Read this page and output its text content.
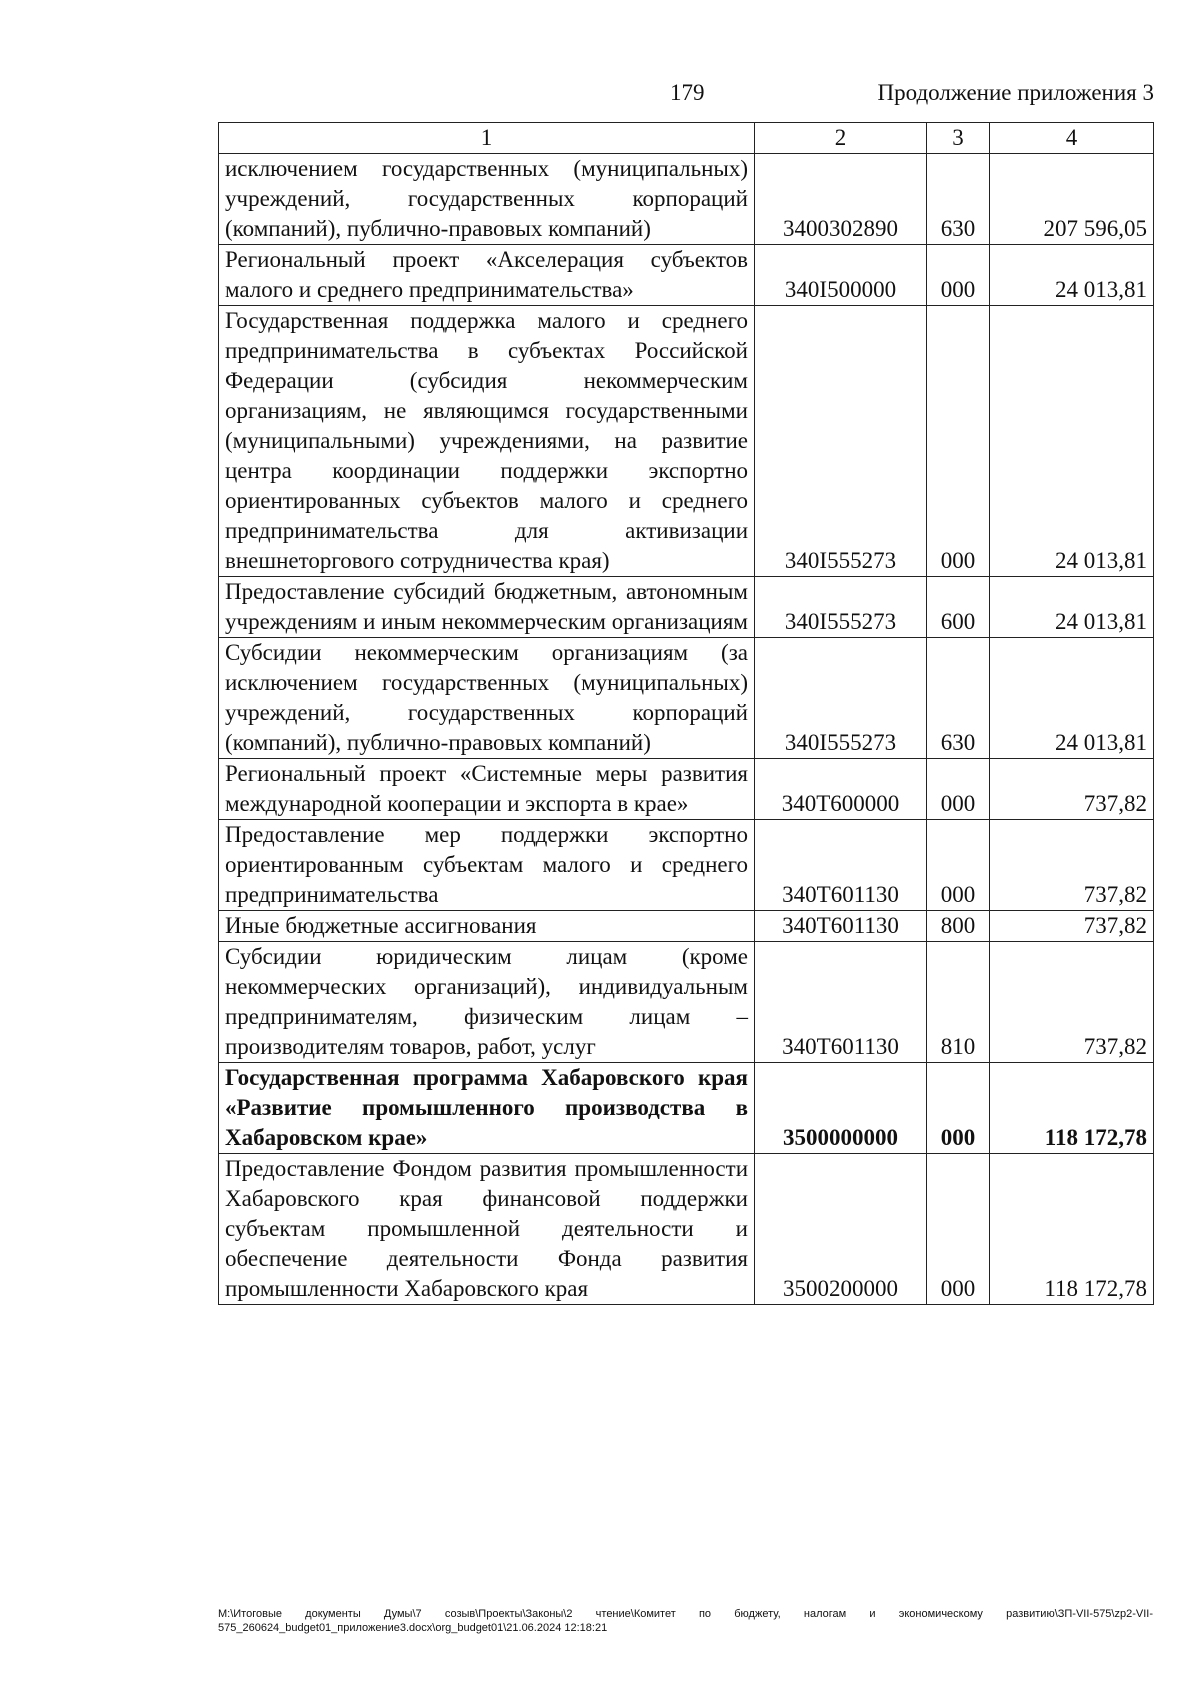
179	Продолжение приложения 3
1	2	3	4
исключением государственных (муниципальных) учреждений, государственных корпораций (компаний), публично-правовых компаний)	3400302890	630	207 596,05
Региональный проект «Акселерация субъектов малого и среднего предпринимательства»	340I500000	000	24 013,81
Государственная поддержка малого и среднего предпринимательства в субъектах Российской Федерации (субсидия некоммерческим организациям, не являющимся государственными (муниципальными) учреждениями, на развитие центра координации поддержки экспортно ориентированных субъектов малого и среднего предпринимательства для активизации внешнеторгового сотрудничества края)	340I555273	000	24 013,81
Предоставление субсидий бюджетным, автономным учреждениям и иным некоммерческим организациям	340I555273	600	24 013,81
Субсидии некоммерческим организациям (за исключением государственных (муниципальных) учреждений, государственных корпораций (компаний), публично-правовых компаний)	340I555273	630	24 013,81
Региональный проект «Системные меры развития международной кооперации и экспорта в крае»	340T600000	000	737,82
Предоставление мер поддержки экспортно ориентированным субъектам малого и среднего предпринимательства	340T601130	000	737,82
Иные бюджетные ассигнования	340T601130	800	737,82
Субсидии юридическим лицам (кроме некоммерческих организаций), индивидуальным предпринимателям, физическим лицам – производителям товаров, работ, услуг	340T601130	810	737,82
Государственная программа Хабаровского края «Развитие промышленного производства в Хабаровском крае»	3500000000	000	118 172,78
Предоставление Фондом развития промышленности Хабаровского края финансовой поддержки субъектам промышленной деятельности и обеспечение деятельности Фонда развития промышленности Хабаровского края	3500200000	000	118 172,78
M:\Итоговые документы Думы\7 созыв\Проекты\Законы\2 чтение\Комитет по бюджету, налогам и экономическому развитию\ЗП-VII-575\zp2-VII-575_260624_budget01_приложение3.docx\org_budget01\21.06.2024 12:18:21
